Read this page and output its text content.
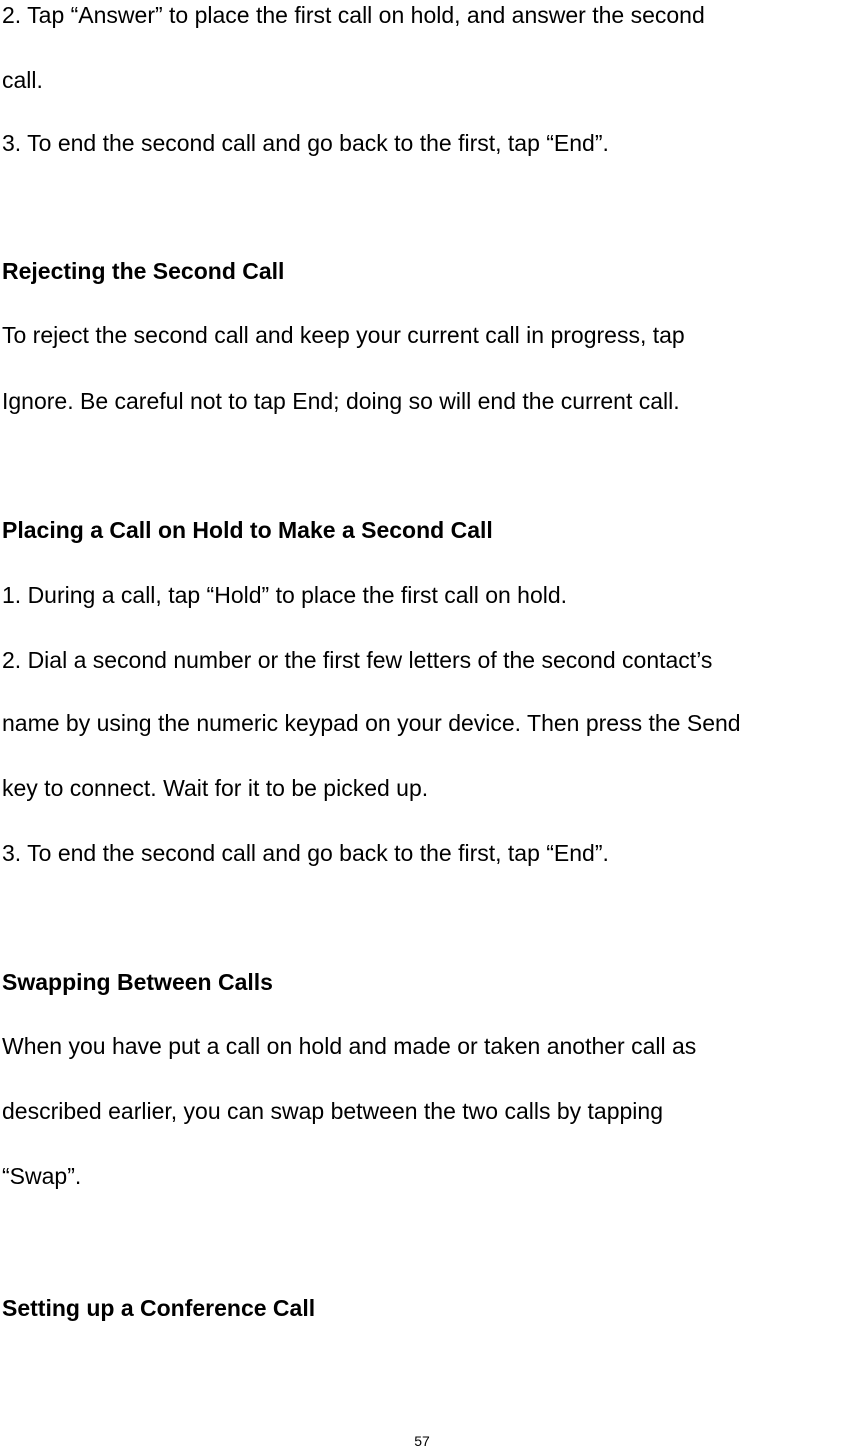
2. Tap “Answer” to place the first call on hold, and answer the second

call.

3. To end the second call and go back to the first, tap “End”.

Rejecting the Second Call

To reject the second call and keep your current call in progress, tap

Ignore. Be careful not to tap End; doing so will end the current call.

Placing a Call on Hold to Make a Second Call

1. During a call, tap “Hold” to place the first call on hold.

2. Dial a second number or the first few letters of the second contact’s

name by using the numeric keypad on your device. Then press the Send

key to connect. Wait for it to be picked up.

3. To end the second call and go back to the first, tap “End”.

Swapping Between Calls

When you have put a call on hold and made or taken another call as

described earlier, you can swap between the two calls by tapping

“Swap”.

Setting up a Conference Call

57
